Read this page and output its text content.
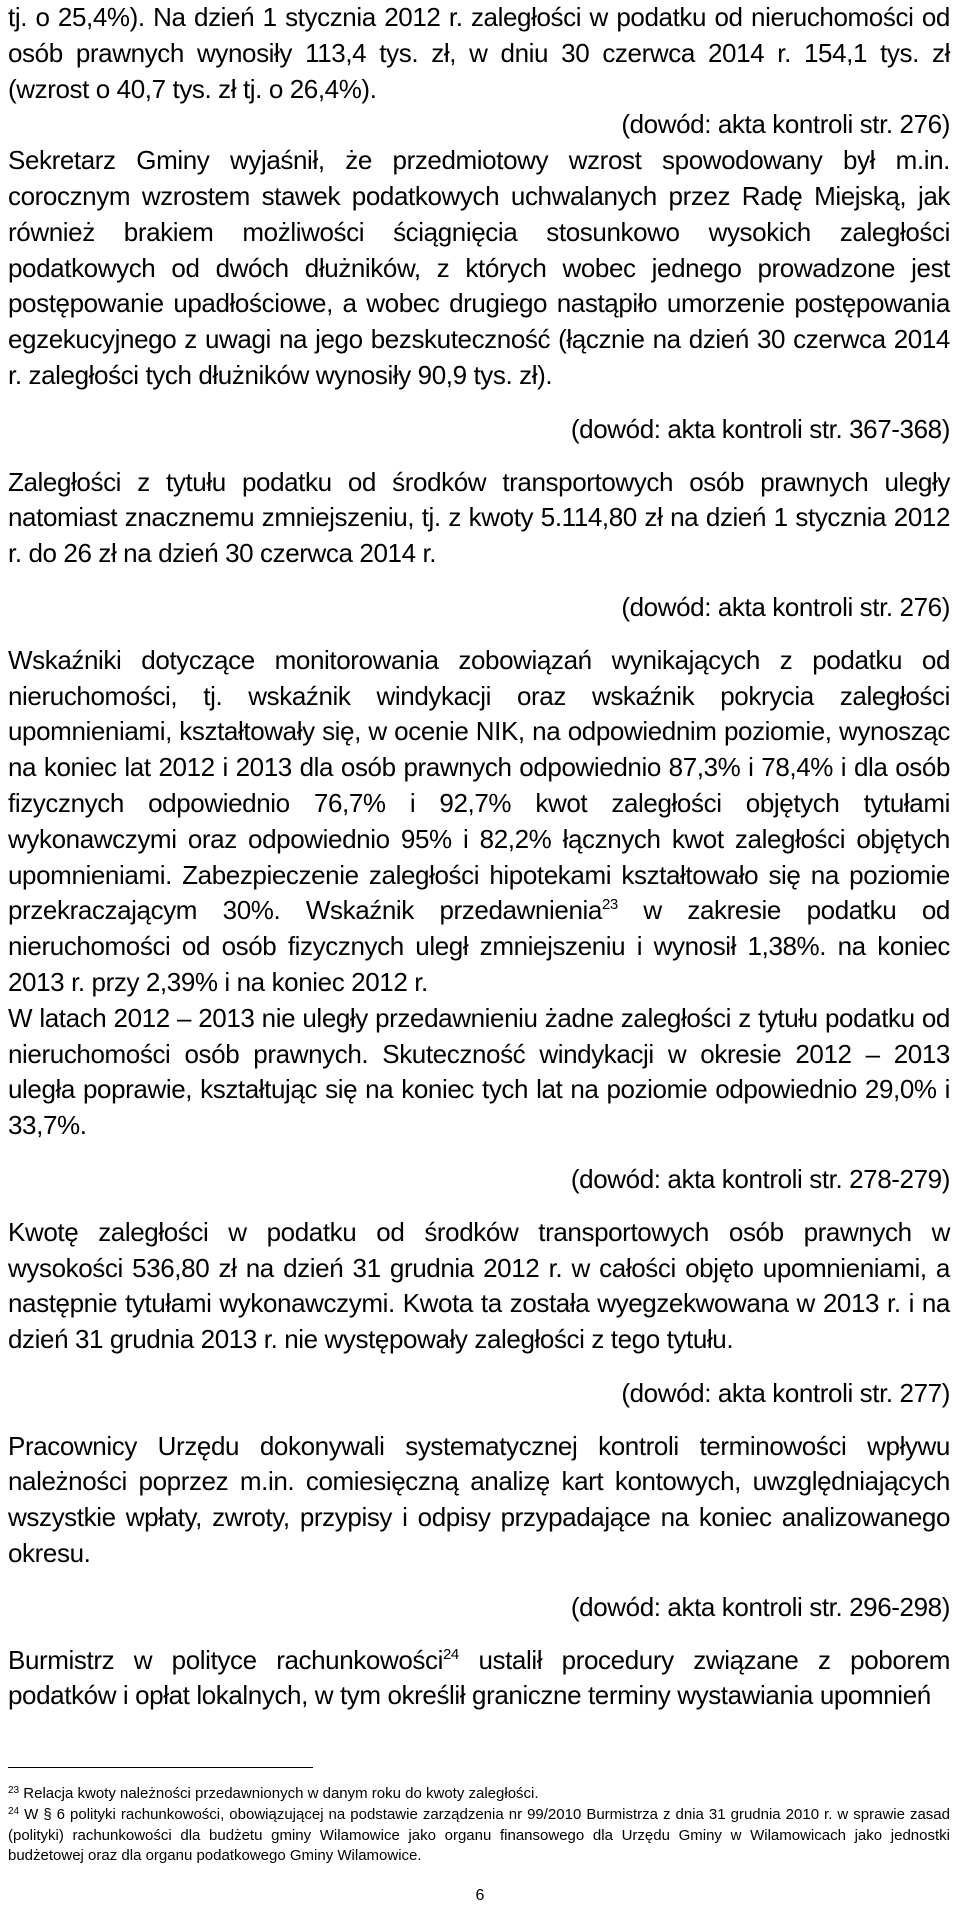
tj. o 25,4%). Na dzień 1 stycznia 2012 r. zaległości w podatku od nieruchomości od osób prawnych wynosiły 113,4 tys. zł, w dniu 30 czerwca 2014 r. 154,1 tys. zł (wzrost o 40,7 tys. zł tj. o 26,4%).

(dowód: akta kontroli str. 276)

Sekretarz Gminy wyjaśnił, że przedmiotowy wzrost spowodowany był m.in. corocznym wzrostem stawek podatkowych uchwalanych przez Radę Miejską, jak również brakiem możliwości ściągnięcia stosunkowo wysokich zaległości podatkowych od dwóch dłużników, z których wobec jednego prowadzone jest postępowanie upadłościowe, a wobec drugiego nastąpiło umorzenie postępowania egzekucyjnego z uwagi na jego bezskuteczność (łącznie na dzień 30 czerwca 2014 r. zaległości tych dłużników wynosiły 90,9 tys. zł).

(dowód: akta kontroli str. 367-368)

Zaległości z tytułu podatku od środków transportowych osób prawnych uległy natomiast znacznemu zmniejszeniu, tj. z kwoty 5.114,80 zł na dzień 1 stycznia 2012 r. do 26 zł na dzień 30 czerwca 2014 r.

(dowód: akta kontroli str. 276)

Wskaźniki dotyczące monitorowania zobowiązań wynikających z podatku od nieruchomości, tj. wskaźnik windykacji oraz wskaźnik pokrycia zaległości upomnieniami, kształtowały się, w ocenie NIK, na odpowiednim poziomie, wynosząc na koniec lat 2012 i 2013 dla osób prawnych odpowiednio 87,3% i 78,4% i dla osób fizycznych odpowiednio 76,7% i 92,7% kwot zaległości objętych tytułami wykonawczymi oraz odpowiednio 95% i 82,2% łącznych kwot zaległości objętych upomnieniami. Zabezpieczenie zaległości hipotekami kształtowało się na poziomie przekraczającym 30%. Wskaźnik przedawnienia$^{23}$ w zakresie podatku od nieruchomości od osób fizycznych uległ zmniejszeniu i wynosił 1,38%. na koniec 2013 r. przy 2,39% i na koniec 2012 r.

W latach 2012 – 2013 nie uległy przedawnieniu żadne zaległości z tytułu podatku od nieruchomości osób prawnych. Skuteczność windykacji w okresie 2012 – 2013 uległa poprawie, kształtując się na koniec tych lat na poziomie odpowiednio 29,0% i 33,7%.

(dowód: akta kontroli str. 278-279)

Kwotę zaległości w podatku od środków transportowych osób prawnych w wysokości 536,80 zł na dzień 31 grudnia 2012 r. w całości objęto upomnieniami, a następnie tytułami wykonawczymi. Kwota ta została wyegzekwowana w 2013 r. i na dzień 31 grudnia 2013 r. nie występowały zaległości z tego tytułu.

(dowód: akta kontroli str. 277)

Pracownicy Urzędu dokonywali systematycznej kontroli terminowości wpływu należności poprzez m.in. comiesięczną analizę kart kontowych, uwzględniających wszystkie wpłaty, zwroty, przypisy i odpisy przypadające na koniec analizowanego okresu.

(dowód: akta kontroli str. 296-298)

Burmistrz w polityce rachunkowości$^{24}$ ustalił procedury związane z poborem podatków i opłat lokalnych, w tym określił graniczne terminy wystawiania upomnień

$^{23}$ Relacja kwoty należności przedawnionych w danym roku do kwoty zaległości.

$^{24}$ W § 6 polityki rachunkowości, obowiązującej na podstawie zarządzenia nr 99/2010 Burmistrza z dnia 31 grudnia 2010 r. w sprawie zasad (polityki) rachunkowości dla budżetu gminy Wilamowice jako organu finansowego dla Urzędu Gminy w Wilamowicach jako jednostki budżetowej oraz dla organu podatkowego Gminy Wilamowice.

6
